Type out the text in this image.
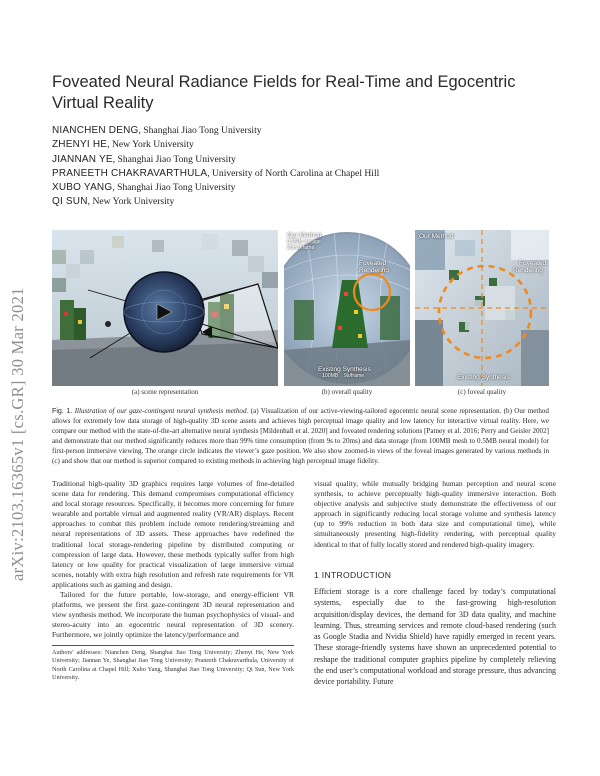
arXiv:2103.16365v1 [cs.GR] 30 Mar 2021
Foveated Neural Radiance Fields for Real-Time and Egocentric Virtual Reality
NIANCHEN DENG, Shanghai Jiao Tong University
ZHENYI HE, New York University
JIANNAN YE, Shanghai Jiao Tong University
PRANEETH CHAKRAVARTHULA, University of North Carolina at Chapel Hill
XUBO YANG, Shanghai Jiao Tong University
QI SUN, New York University
Our Method
0.5MB storage
20ms/frame
Foveated
Rendering
Existing Synthesis
100MB 9s/frame
Our Method
Foveated
Rendering
Existing Synthesis
(a) scene representation	(b) overall quality	(c) foveal quality
Fig. 1. Illustration of our gaze-contingent neural synthesis method. (a) Visualization of our active-viewing-tailored egocentric neural scene representation. (b) Our method allows for extremely low data storage of high-quality 3D scene assets and achieves high perceptual image quality and low latency for interactive virtual reality. Here, we compare our method with the state-of-the-art alternative neural synthesis [Mildenhall et al. 2020] and foveated rendering solutions [Patney et al. 2016; Perry and Geisler 2002] and demonstrate that our method significantly reduces more than 99% time consumption (from 9s to 20ms) and data storage (from 100MB mesh to 0.5MB neural model) for first-person immersive viewing. The orange circle indicates the viewer’s gaze position. We also show zoomed-in views of the foveal images generated by various methods in (c) and show that our method is superior compared to existing methods in achieving high perceptual image fidelity.

Traditional high-quality 3D graphics requires large volumes of fine-detailed scene data for rendering. This demand compromises computational efficiency and local storage resources. Specifically, it becomes more concerning for future wearable and portable virtual and augmented reality (VR/AR) displays. Recent approaches to combat this problem include remote rendering/streaming and neural representations of 3D assets. These approaches have redefined the traditional local storage-rendering pipeline by distributed computing or compression of large data. However, these methods typically suffer from high latency or low quality for practical visualization of large immersive virtual scenes, notably with extra high resolution and refresh rate requirements for VR applications such as gaming and design.

Tailored for the future portable, low-storage, and energy-efficient VR platforms, we present the first gaze-contingent 3D neural representation and view synthesis method. We incorporate the human psychophysics of visual- and stereo-acuity into an egocentric neural representation of 3D scenery. Furthermore, we jointly optimize the latency/performance and

visual quality, while mutually bridging human perception and neural scene synthesis, to achieve perceptually high-quality immersive interaction. Both objective analysis and subjective study demonstrate the effectiveness of our approach in significantly reducing local storage volume and synthesis latency (up to 99% reduction in both data size and computational time), while simultaneously presenting high-fidelity rendering, with perceptual quality identical to that of fully locally stored and rendered high-quality imagery.

Authors’ addresses: Nianchen Deng, Shanghai Jiao Tong University; Zhenyi He, New York University; Jiannan Ye, Shanghai Jiao Tong University; Praneeth Chakravarthula, University of North Carolina at Chapel Hill; Xubo Yang, Shanghai Jiao Tong University; Qi Sun, New York University.
1 INTRODUCTION
Efficient storage is a core challenge faced by today’s computational systems, especially due to the fast-growing high-resolution acquisition/display devices, the demand for 3D data quality, and machine learning. Thus, streaming services and remote cloud-based rendering (such as Google Stadia and Nvidia Shield) have rapidly emerged in recent years. These storage-friendly systems have shown an unprecedented potential to reshape the traditional computer graphics pipeline by completely relieving the end user’s computational workload and storage pressure, thus advancing device portability. Future
